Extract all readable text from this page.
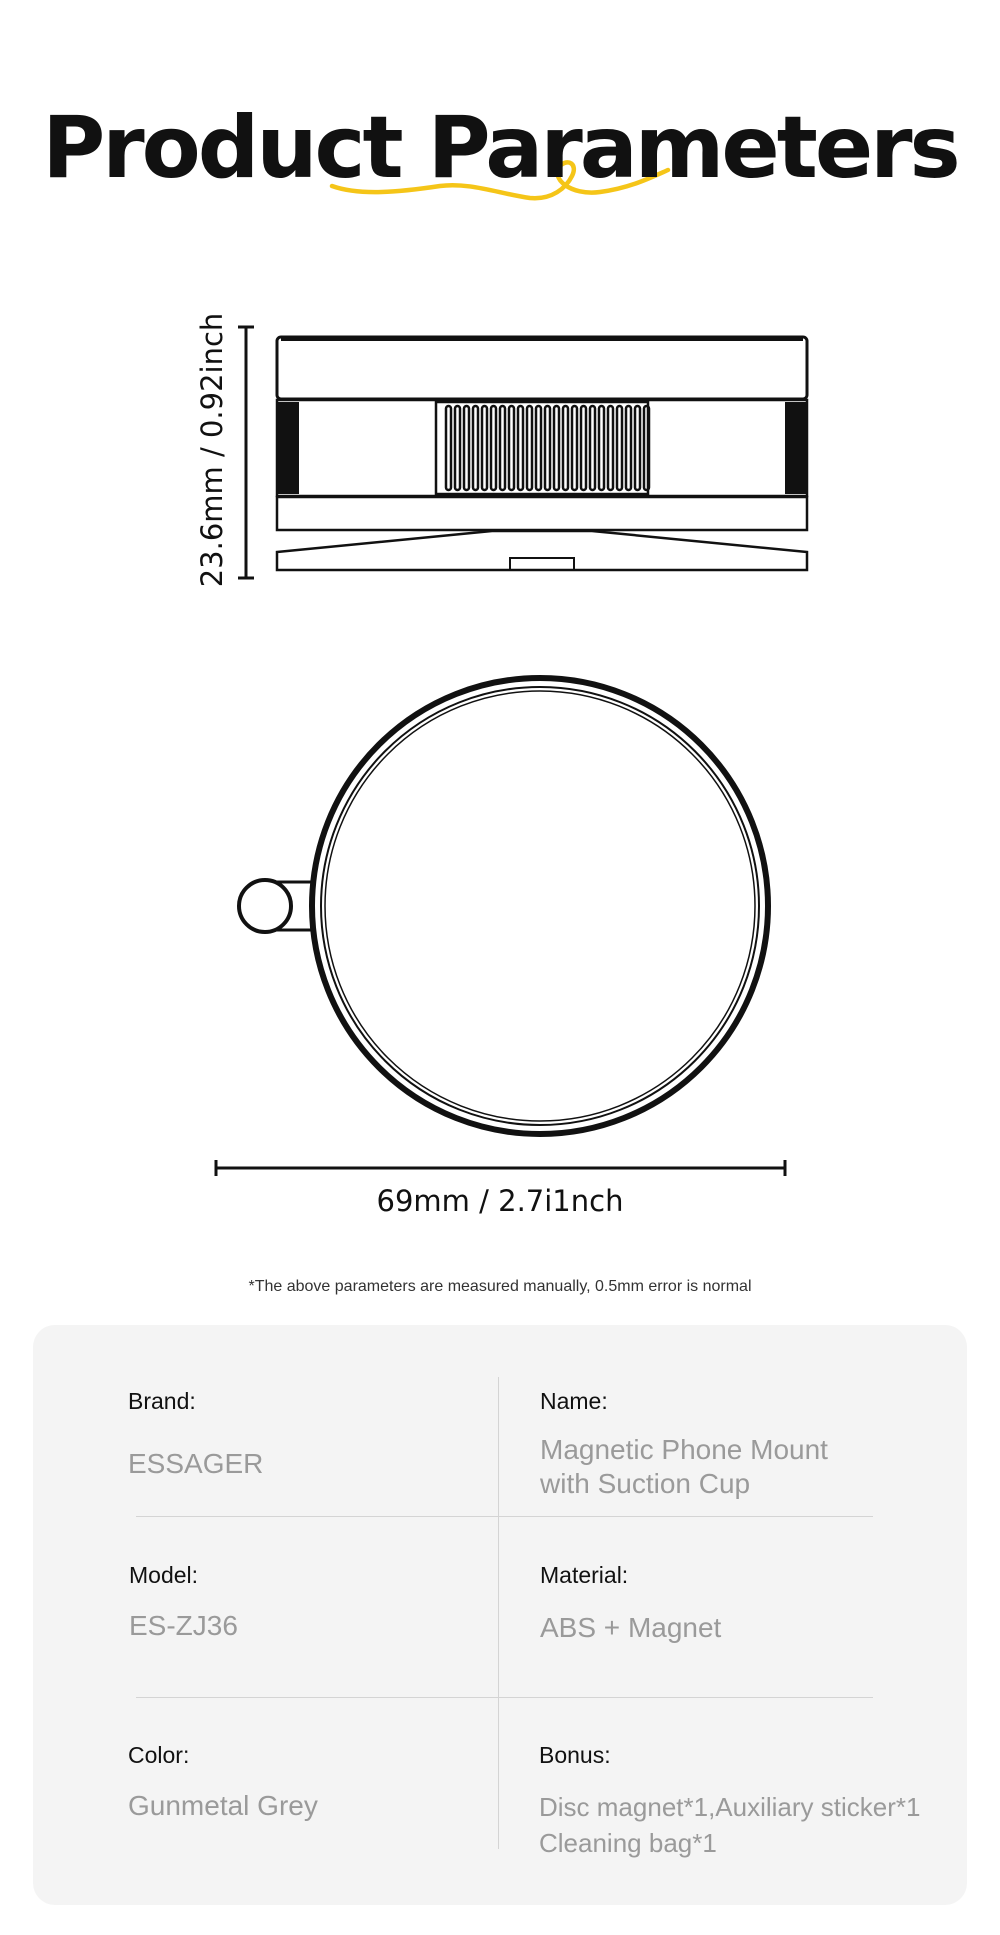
Product Parameters
23.6mm / 0.92inch
69mm / 2.7i1nch
*The above parameters are measured manually, 0.5mm error is normal
Brand:
ESSAGER
Name:
Magnetic Phone Mount
with Suction Cup
Model:
ES-ZJ36
Material:
ABS + Magnet
Color:
Gunmetal Grey
Bonus:
Disc magnet*1,Auxiliary sticker*1
Cleaning bag*1
